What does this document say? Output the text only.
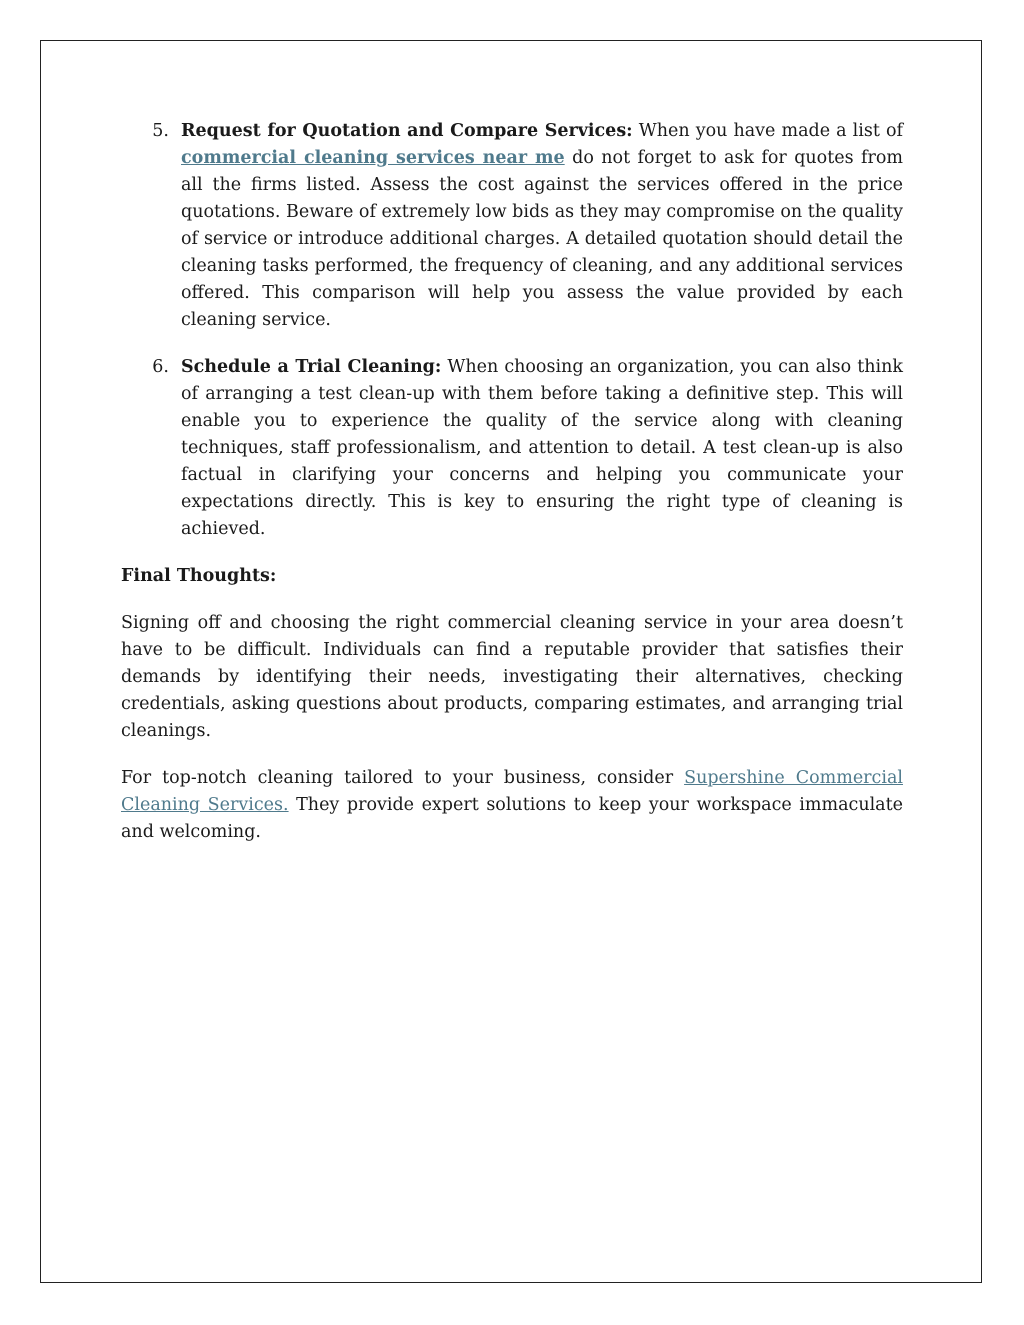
5. Request for Quotation and Compare Services: When you have made a list of commercial cleaning services near me do not forget to ask for quotes from all the firms listed. Assess the cost against the services offered in the price quotations. Beware of extremely low bids as they may compromise on the quality of service or introduce additional charges. A detailed quotation should detail the cleaning tasks performed, the frequency of cleaning, and any additional services offered. This comparison will help you assess the value provided by each cleaning service.
6. Schedule a Trial Cleaning: When choosing an organization, you can also think of arranging a test clean-up with them before taking a definitive step. This will enable you to experience the quality of the service along with cleaning techniques, staff professionalism, and attention to detail. A test clean-up is also factual in clarifying your concerns and helping you communicate your expectations directly. This is key to ensuring the right type of cleaning is achieved.

Final Thoughts:

Signing off and choosing the right commercial cleaning service in your area doesn’t have to be difficult. Individuals can find a reputable provider that satisfies their demands by identifying their needs, investigating their alternatives, checking credentials, asking questions about products, comparing estimates, and arranging trial cleanings.

For top-notch cleaning tailored to your business, consider Supershine Commercial Cleaning Services. They provide expert solutions to keep your workspace immaculate and welcoming.
